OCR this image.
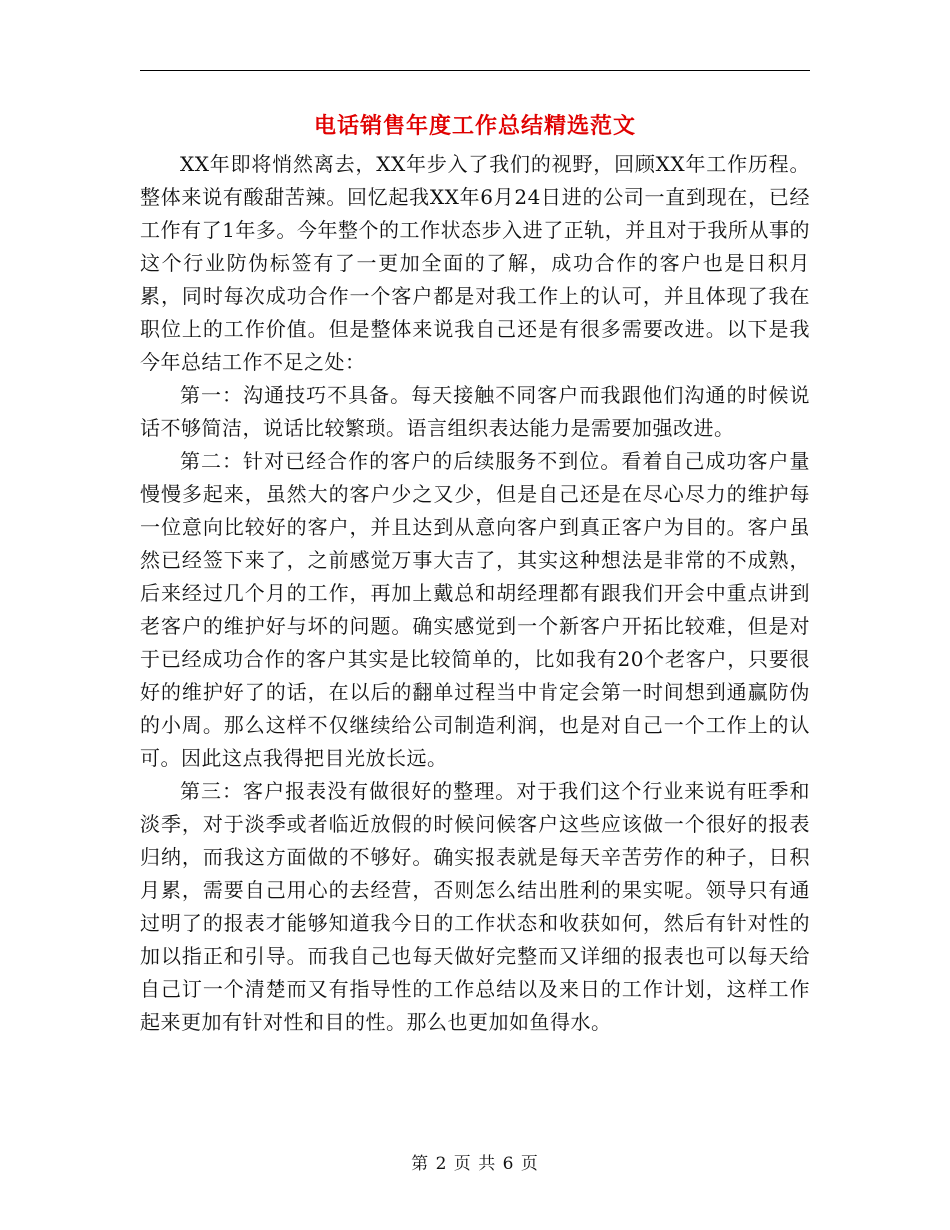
电话销售年度工作总结精选范文

XX年即将悄然离去，XX年步入了我们的视野，回顾XX年工作历程。整体来说有酸甜苦辣。回忆起我XX年6月24日进的公司一直到现在，已经工作有了1年多。今年整个的工作状态步入进了正轨，并且对于我所从事的这个行业防伪标签有了一更加全面的了解，成功合作的客户也是日积月累，同时每次成功合作一个客户都是对我工作上的认可，并且体现了我在职位上的工作价值。但是整体来说我自己还是有很多需要改进。以下是我今年总结工作不足之处：

第一：沟通技巧不具备。每天接触不同客户而我跟他们沟通的时候说话不够简洁，说话比较繁琐。语言组织表达能力是需要加强改进。

第二：针对已经合作的客户的后续服务不到位。看着自己成功客户量慢慢多起来，虽然大的客户少之又少，但是自己还是在尽心尽力的维护每一位意向比较好的客户，并且达到从意向客户到真正客户为目的。客户虽然已经签下来了，之前感觉万事大吉了，其实这种想法是非常的不成熟，后来经过几个月的工作，再加上戴总和胡经理都有跟我们开会中重点讲到老客户的维护好与坏的问题。确实感觉到一个新客户开拓比较难，但是对于已经成功合作的客户其实是比较简单的，比如我有20个老客户，只要很好的维护好了的话，在以后的翻单过程当中肯定会第一时间想到通赢防伪的小周。那么这样不仅继续给公司制造利润，也是对自己一个工作上的认可。因此这点我得把目光放长远。

第三：客户报表没有做很好的整理。对于我们这个行业来说有旺季和淡季，对于淡季或者临近放假的时候问候客户这些应该做一个很好的报表归纳，而我这方面做的不够好。确实报表就是每天辛苦劳作的种子，日积月累，需要自己用心的去经营，否则怎么结出胜利的果实呢。领导只有通过明了的报表才能够知道我今日的工作状态和收获如何，然后有针对性的加以指正和引导。而我自己也每天做好完整而又详细的报表也可以每天给自己订一个清楚而又有指导性的工作总结以及来日的工作计划，这样工作起来更加有针对性和目的性。那么也更加如鱼得水。

第 2 页 共 6 页
